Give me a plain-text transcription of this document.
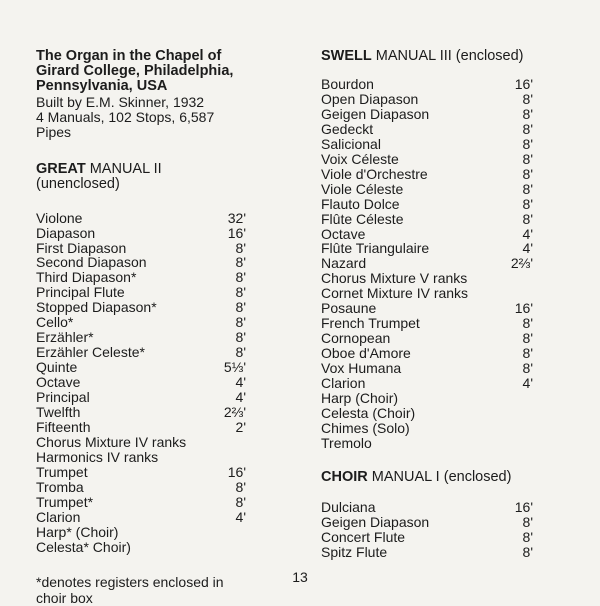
The Organ in the Chapel of
Girard College, Philadelphia,
Pennsylvania, USA

Built by E.M. Skinner, 1932
4 Manuals, 102 Stops, 6,587 Pipes

GREAT MANUAL II (unenclosed)

Violone	32'
Diapason	16'
First Diapason	8'
Second Diapason	8'
Third Diapason*	8'
Principal Flute	8'
Stopped Diapason*	8'
Cello*	8'
Erzähler*	8'
Erzähler Celeste*	8'
Quinte	5⅓'
Octave	4'
Principal	4'
Twelfth	2⅔'
Fifteenth	2'
Chorus Mixture IV ranks
Harmonics IV ranks
Trumpet	16'
Tromba	8'
Trumpet*	8'
Clarion	4'
Harp* (Choir)
Celesta* Choir)

*denotes registers enclosed in
choir box

SWELL MANUAL III (enclosed)

Bourdon	16'
Open Diapason	8'
Geigen Diapason	8'
Gedeckt	8'
Salicional	8'
Voix Céleste	8'
Viole d'Orchestre	8'
Viole Céleste	8'
Flauto Dolce	8'
Flûte Céleste	8'
Octave	4'
Flûte Triangulaire	4'
Nazard	2⅔'
Chorus Mixture V ranks
Cornet Mixture IV ranks
Posaune	16'
French Trumpet	8'
Cornopean	8'
Oboe d'Amore	8'
Vox Humana	8'
Clarion	4'
Harp (Choir)
Celesta (Choir)
Chimes (Solo)
Tremolo

CHOIR MANUAL I (enclosed)

Dulciana	16'
Geigen Diapason	8'
Concert Flute	8'
Spitz Flute	8'
13
